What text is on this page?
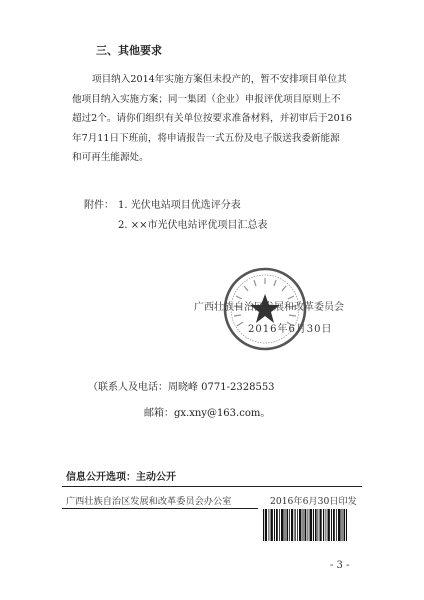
三、其他要求
项目纳入2014年实施方案但未投产的，暂不安排项目单位其
他项目纳入实施方案；同一集团（企业）申报评优项目原则上不
超过2个。请你们组织有关单位按要求准备材料，并初审后于2016
年7月11日下班前，将申请报告一式五份及电子版送我委新能源
和可再生能源处。
附件： 1. 光伏电站项目优选评分表
2. ××市光伏电站评优项目汇总表
广西壮族自治区发展和改革委员会
2016年6月30日
（联系人及电话：周晓峰 0771-2328553
邮箱：gx.xny@163.com。
信息公开选项：主动公开
广西壮族自治区发展和改革委员会办公室	2016年6月30日印发
- 3 -
